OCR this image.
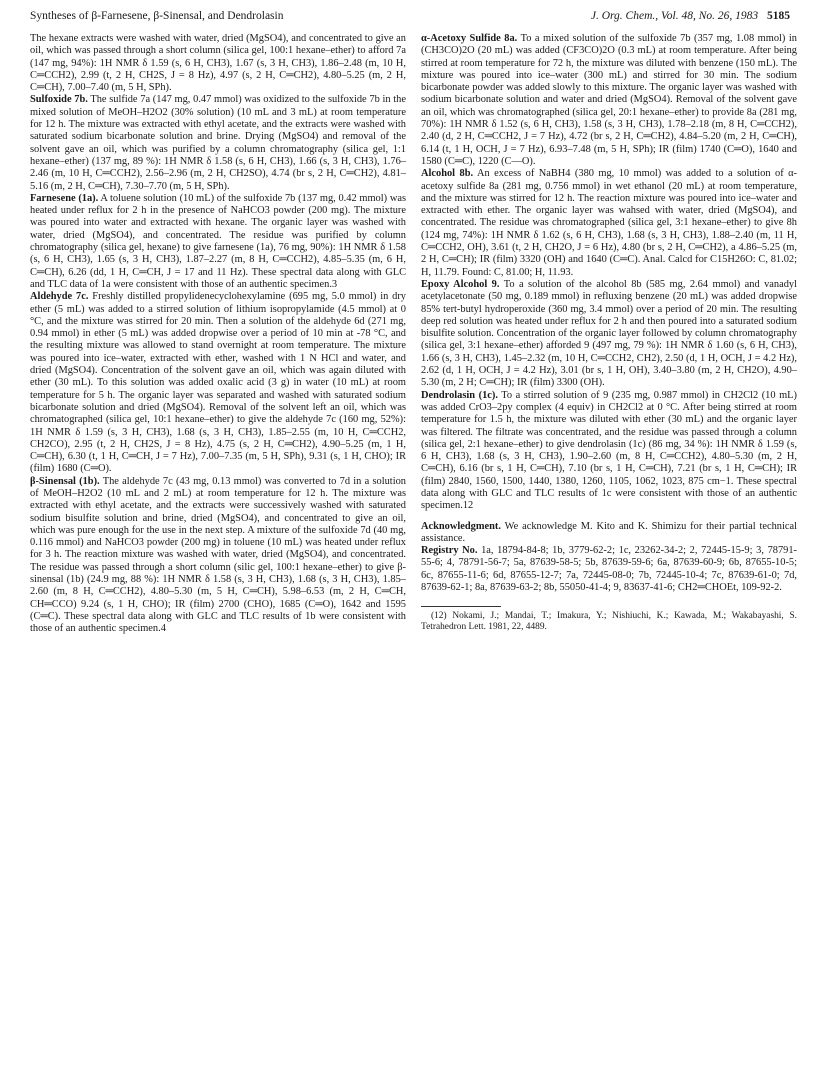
Syntheses of β-Farnesene, β-Sinensal, and Dendrolasin	J. Org. Chem., Vol. 48, No. 26, 1983 5185

The hexane extracts were washed with water, dried (MgSO4), and concentrated to give an oil, which was passed through a short column (silica gel, 100:1 hexane–ether) to afford 7a (147 mg, 94%): 1H NMR δ 1.59 (s, 6 H, CH3), 1.67 (s, 3 H, CH3), 1.86–2.48 (m, 10 H, C═CCH2), 2.99 (t, 2 H, CH2S, J = 8 Hz), 4.97 (s, 2 H, C═CH2), 4.80–5.25 (m, 2 H, C═CH), 7.00–7.40 (m, 5 H, SPh).

Sulfoxide 7b. The sulfide 7a (147 mg, 0.47 mmol) was oxidized to the sulfoxide 7b in the mixed solution of MeOH–H2O2 (30% solution) (10 mL and 3 mL) at room temperature for 12 h. The mixture was extracted with ethyl acetate, and the extracts were washed with saturated sodium bicarbonate solution and brine. Drying (MgSO4) and removal of the solvent gave an oil, which was purified by a column chromatography (silica gel, 1:1 hexane–ether) (137 mg, 89 %): 1H NMR δ 1.58 (s, 6 H, CH3), 1.66 (s, 3 H, CH3), 1.76–2.46 (m, 10 H, C═CCH2), 2.56–2.96 (m, 2 H, CH2SO), 4.74 (br s, 2 H, C═CH2), 4.81–5.16 (m, 2 H, C═CH), 7.30–7.70 (m, 5 H, SPh).

Farnesene (1a). A toluene solution (10 mL) of the sulfoxide 7b (137 mg, 0.42 mmol) was heated under reflux for 2 h in the presence of NaHCO3 powder (200 mg). The mixture was poured into water and extracted with hexane. The organic layer was washed with water, dried (MgSO4), and concentrated. The residue was purified by column chromatography (silica gel, hexane) to give farnesene (1a), 76 mg, 90%): 1H NMR δ 1.58 (s, 6 H, CH3), 1.65 (s, 3 H, CH3), 1.87–2.27 (m, 8 H, C═CCH2), 4.85–5.35 (m, 6 H, C═CH), 6.26 (dd, 1 H, C═CH, J = 17 and 11 Hz). These spectral data along with GLC and TLC data of 1a were consistent with those of an authentic specimen.3

Aldehyde 7c. Freshly distilled propylidenecyclohexylamine (695 mg, 5.0 mmol) in dry ether (5 mL) was added to a stirred solution of lithium isopropylamide (4.5 mmol) at 0 °C, and the mixture was stirred for 20 min. Then a solution of the aldehyde 6d (271 mg, 0.94 mmol) in ether (5 mL) was added dropwise over a period of 10 min at -78 °C, and the resulting mixture was allowed to stand overnight at room temperature. The mixture was poured into ice–water, extracted with ether, washed with 1 N HCl and water, and dried (MgSO4). Concentration of the solvent gave an oil, which was again diluted with ether (30 mL). To this solution was added oxalic acid (3 g) in water (10 mL) at room temperature for 5 h. The organic layer was separated and washed with saturated sodium bicarbonate solution and dried (MgSO4). Removal of the solvent left an oil, which was chromatographed (silica gel, 10:1 hexane–ether) to give the aldehyde 7c (160 mg, 52%): 1H NMR δ 1.59 (s, 3 H, CH3), 1.68 (s, 3 H, CH3), 1.85–2.55 (m, 10 H, C═CCH2, CH2CO), 2.95 (t, 2 H, CH2S, J = 8 Hz), 4.75 (s, 2 H, C═CH2), 4.90–5.25 (m, 1 H, C═CH), 6.30 (t, 1 H, C═CH, J = 7 Hz), 7.00–7.35 (m, 5 H, SPh), 9.31 (s, 1 H, CHO); IR (film) 1680 (C═O).

β-Sinensal (1b). The aldehyde 7c (43 mg, 0.13 mmol) was converted to 7d in a solution of MeOH–H2O2 (10 mL and 2 mL) at room temperature for 12 h. The mixture was extracted with ethyl acetate, and the extracts were successively washed with saturated sodium bisulfite solution and brine, dried (MgSO4), and concentrated to give an oil, which was pure enough for the use in the next step. A mixture of the sulfoxide 7d (40 mg, 0.116 mmol) and NaHCO3 powder (200 mg) in toluene (10 mL) was heated under reflux for 3 h. The reaction mixture was washed with water, dried (MgSO4), and concentrated. The residue was passed through a short column (silic gel, 100:1 hexane–ether) to give β-sinensal (1b) (24.9 mg, 88 %): 1H NMR δ 1.58 (s, 3 H, CH3), 1.68 (s, 3 H, CH3), 1.85–2.60 (m, 8 H, C═CCH2), 4.80–5.30 (m, 5 H, C═CH), 5.98–6.53 (m, 2 H, C═CH, CH═CCO) 9.24 (s, 1 H, CHO); IR (film) 2700 (CHO), 1685 (C═O), 1642 and 1595 (C═C). These spectral data along with GLC and TLC results of 1b were consistent with those of an authentic specimen.4

α-Acetoxy Sulfide 8a. To a mixed solution of the sulfoxide 7b (357 mg, 1.08 mmol) in (CH3CO)2O (20 mL) was added (CF3CO)2O (0.3 mL) at room temperature. After being stirred at room temperature for 72 h, the mixture was diluted with benzene (150 mL). The mixture was poured into ice–water (300 mL) and stirred for 30 min. The sodium bicarbonate powder was added slowly to this mixture. The organic layer was washed with sodium bicarbonate solution and water and dried (MgSO4). Removal of the solvent gave an oil, which was chromatographed (silica gel, 20:1 hexane–ether) to provide 8a (281 mg, 70%): 1H NMR δ 1.52 (s, 6 H, CH3), 1.58 (s, 3 H, CH3), 1.78–2.18 (m, 8 H, C═CCH2), 2.40 (d, 2 H, C═CCH2, J = 7 Hz), 4.72 (br s, 2 H, C═CH2), 4.84–5.20 (m, 2 H, C═CH), 6.14 (t, 1 H, OCH, J = 7 Hz), 6.93–7.48 (m, 5 H, SPh); IR (film) 1740 (C═O), 1640 and 1580 (C═C), 1220 (C—O).

Alcohol 8b. An excess of NaBH4 (380 mg, 10 mmol) was added to a solution of α-acetoxy sulfide 8a (281 mg, 0.756 mmol) in wet ethanol (20 mL) at room temperature, and the mixture was stirred for 12 h. The reaction mixture was poured into ice–water and extracted with ether. The organic layer was wahsed with water, dried (MgSO4), and concentrated. The residue was chromatographed (silica gel, 3:1 hexane–ether) to give 8h (124 mg, 74%): 1H NMR δ 1.62 (s, 6 H, CH3), 1.68 (s, 3 H, CH3), 1.88–2.40 (m, 11 H, C═CCH2, OH), 3.61 (t, 2 H, CH2O, J = 6 Hz), 4.80 (br s, 2 H, C═CH2), a 4.86–5.25 (m, 2 H, C═CH); IR (film) 3320 (OH) and 1640 (C═C). Anal. Calcd for C15H26O: C, 81.02; H, 11.79. Found: C, 81.00; H, 11.93.

Epoxy Alcohol 9. To a solution of the alcohol 8b (585 mg, 2.64 mmol) and vanadyl acetylacetonate (50 mg, 0.189 mmol) in refluxing benzene (20 mL) was added dropwise 85% tert-butyl hydroperoxide (360 mg, 3.4 mmol) over a period of 20 min. The resulting deep red solution was heated under reflux for 2 h and then poured into a saturated sodium bisulfite solution. Concentration of the organic layer followed by column chromatography (silica gel, 3:1 hexane–ether) afforded 9 (497 mg, 79 %): 1H NMR δ 1.60 (s, 6 H, CH3), 1.66 (s, 3 H, CH3), 1.45–2.32 (m, 10 H, C═CCH2, CH2), 2.50 (d, 1 H, OCH, J = 4.2 Hz), 2.62 (d, 1 H, OCH, J = 4.2 Hz), 3.01 (br s, 1 H, OH), 3.40–3.80 (m, 2 H, CH2O), 4.90–5.30 (m, 2 H; C═CH); IR (film) 3300 (OH).

Dendrolasin (1c). To a stirred solution of 9 (235 mg, 0.987 mmol) in CH2Cl2 (10 mL) was added CrO3–2py complex (4 equiv) in CH2Cl2 at 0 °C. After being stirred at room temperature for 1.5 h, the mixture was diluted with ether (30 mL) and the organic layer was filtered. The filtrate was concentrated, and the residue was passed through a column (silica gel, 2:1 hexane–ether) to give dendrolasin (1c) (86 mg, 34 %): 1H NMR δ 1.59 (s, 6 H, CH3), 1.68 (s, 3 H, CH3), 1.90–2.60 (m, 8 H, C═CCH2), 4.80–5.30 (m, 2 H, C═CH), 6.16 (br s, 1 H, C═CH), 7.10 (br s, 1 H, C═CH), 7.21 (br s, 1 H, C═CH); IR (film) 2840, 1560, 1500, 1440, 1380, 1260, 1105, 1062, 1023, 875 cm−1. These spectral data along with GLC and TLC results of 1c were consistent with those of an authentic specimen.12

Acknowledgment. We acknowledge M. Kito and K. Shimizu for their partial technical assistance.

Registry No. 1a, 18794-84-8; 1b, 3779-62-2; 1c, 23262-34-2; 2, 72445-15-9; 3, 78791-55-6; 4, 78791-56-7; 5a, 87639-58-5; 5b, 87639-59-6; 6a, 87639-60-9; 6b, 87655-10-5; 6c, 87655-11-6; 6d, 87655-12-7; 7a, 72445-08-0; 7b, 72445-10-4; 7c, 87639-61-0; 7d, 87639-62-1; 8a, 87639-63-2; 8b, 55050-41-4; 9, 83637-41-6; CH2═CHOEt, 109-92-2.

(12) Nokami, J.; Mandai, T.; Imakura, Y.; Nishiuchi, K.; Kawada, M.; Wakabayashi, S. Tetrahedron Lett. 1981, 22, 4489.
